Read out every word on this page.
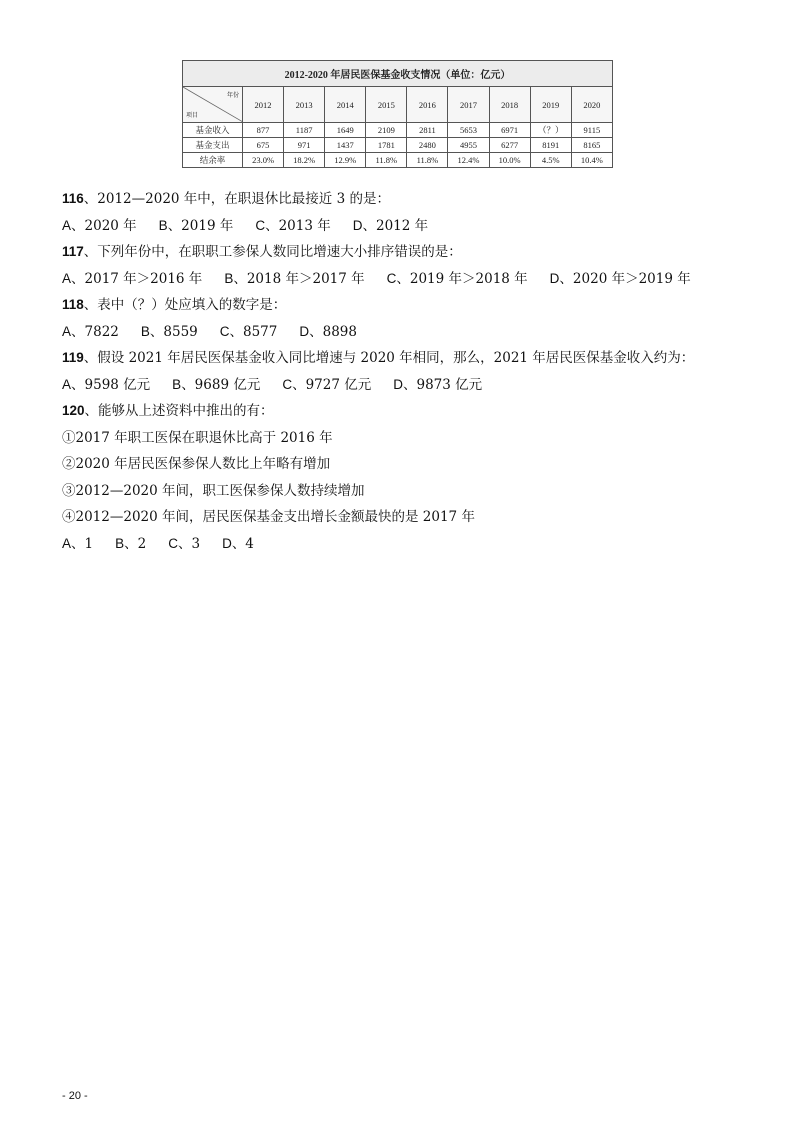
2012-2020 年居民医保基金收支情况（单位：亿元）									

年份
项目	2012	2013	2014	2015	2016	2017	2018	2019	2020
基金收入	877	1187	1649	2109	2811	5653	6971	（？）	9115
基金支出	675	971	1437	1781	2480	4955	6277	8191	8165
结余率	23.0%	18.2%	12.9%	11.8%	11.8%	12.4%	10.0%	4.5%	10.4%
116、2012—2020 年中，在职退休比最接近 3 的是：
A、2020 年 B、2019 年 C、2013 年 D、2012 年
117、下列年份中，在职职工参保人数同比增速大小排序错误的是：
A、2017 年＞2016 年 B、2018 年＞2017 年 C、2019 年＞2018 年 D、2020 年＞2019 年
118、表中（？）处应填入的数字是：
A、7822 B、8559 C、8577 D、8898
119、假设 2021 年居民医保基金收入同比增速与 2020 年相同，那么，2021 年居民医保基金收入约为：
A、9598 亿元 B、9689 亿元 C、9727 亿元 D、9873 亿元
120、能够从上述资料中推出的有：
①2017 年职工医保在职退休比高于 2016 年
②2020 年居民医保参保人数比上年略有增加
③2012—2020 年间，职工医保参保人数持续增加
④2012—2020 年间，居民医保基金支出增长金额最快的是 2017 年
A、1 B、2 C、3 D、4
- 20 -
